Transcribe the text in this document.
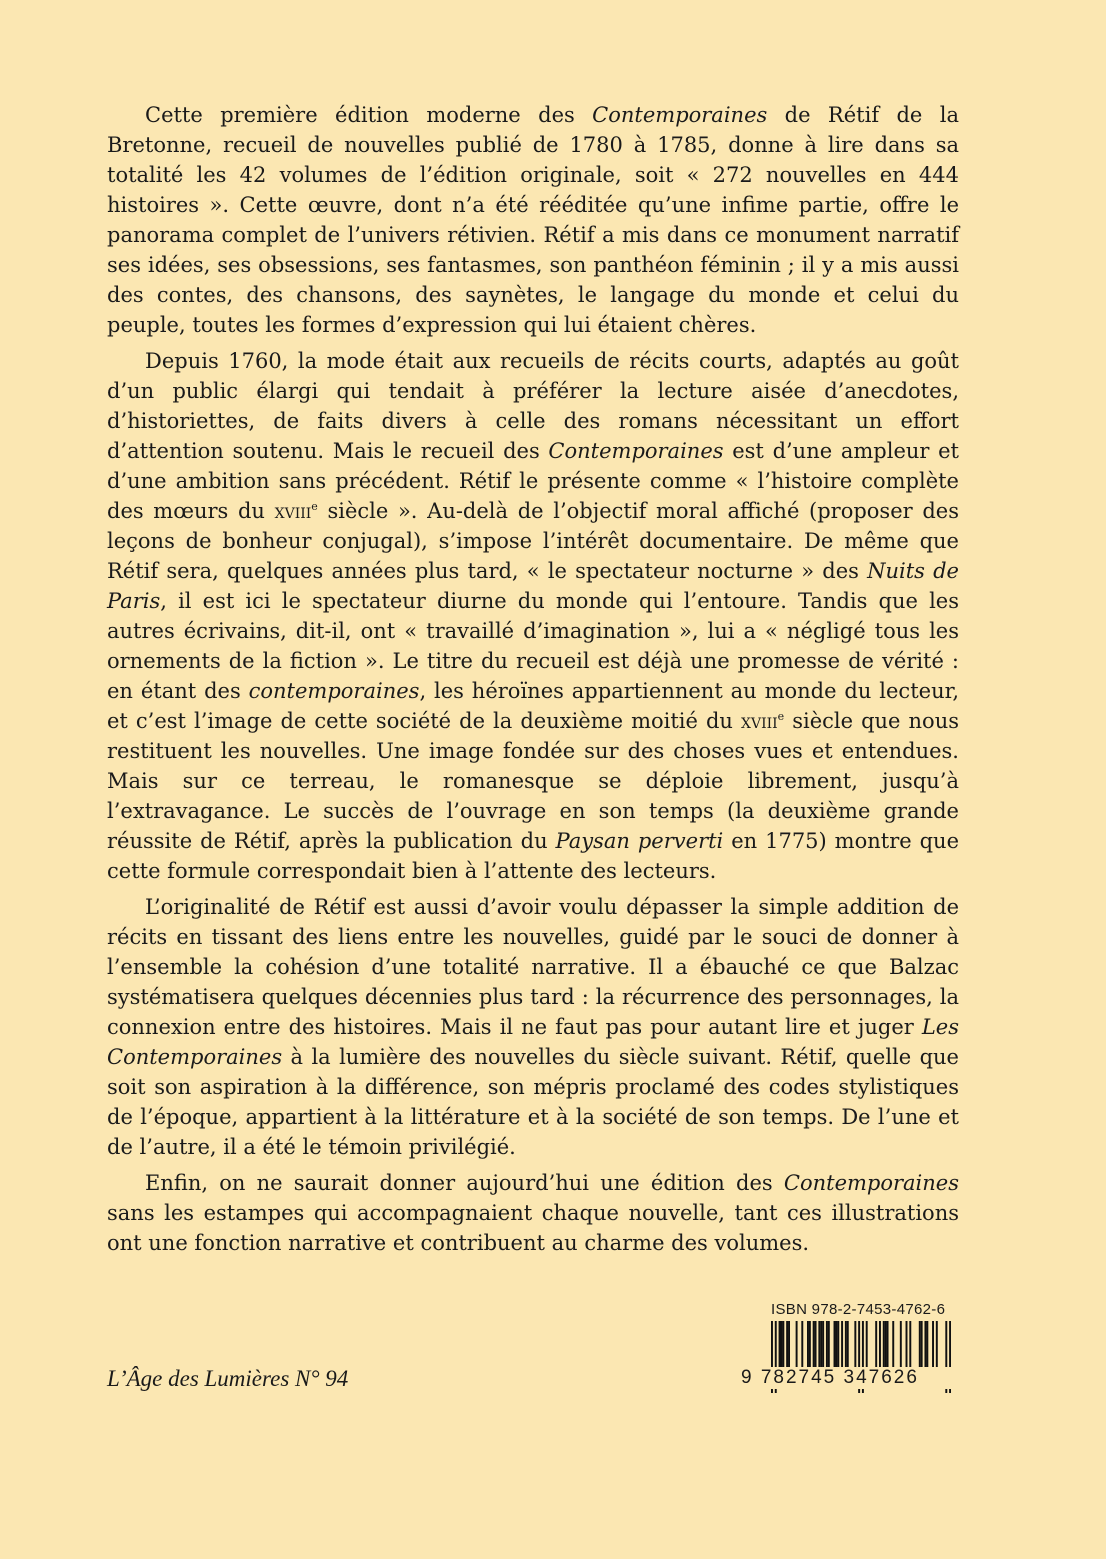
Cette première édition moderne des Contemporaines de Rétif de la Bretonne, recueil de nouvelles publié de 1780 à 1785, donne à lire dans sa totalité les 42 volumes de l’édition originale, soit « 272 nouvelles en 444 histoires ». Cette œuvre, dont n’a été rééditée qu’une infime partie, offre le panorama complet de l’univers rétivien. Rétif a mis dans ce monument narratif ses idées, ses obsessions, ses fantasmes, son panthéon féminin ; il y a mis aussi des contes, des chansons, des saynètes, le langage du monde et celui du peuple, toutes les formes d’expression qui lui étaient chères.

Depuis 1760, la mode était aux recueils de récits courts, adaptés au goût d’un public élargi qui tendait à préférer la lecture aisée d’anecdotes, d’historiettes, de faits divers à celle des romans nécessitant un effort d’attention soutenu. Mais le recueil des Contemporaines est d’une ampleur et d’une ambition sans précédent. Rétif le présente comme « l’histoire complète des mœurs du xviii$^e$ siècle ». Au-delà de l’objectif moral affiché (proposer des leçons de bonheur conjugal), s’impose l’intérêt documentaire. De même que Rétif sera, quelques années plus tard, « le spectateur nocturne » des Nuits de Paris, il est ici le spectateur diurne du monde qui l’entoure. Tandis que les autres écrivains, dit-il, ont « travaillé d’imagination », lui a « négligé tous les ornements de la fiction ». Le titre du recueil est déjà une promesse de vérité : en étant des contemporaines, les héroïnes appartiennent au monde du lecteur, et c’est l’image de cette société de la deuxième moitié du xviii$^e$ siècle que nous restituent les nouvelles. Une image fondée sur des choses vues et entendues. Mais sur ce terreau, le romanesque se déploie librement, jusqu’à l’extravagance. Le succès de l’ouvrage en son temps (la deuxième grande réussite de Rétif, après la publication du Paysan perverti en 1775) montre que cette formule correspondait bien à l’attente des lecteurs.

L’originalité de Rétif est aussi d’avoir voulu dépasser la simple addition de récits en tissant des liens entre les nouvelles, guidé par le souci de donner à l’ensemble la cohésion d’une totalité narrative. Il a ébauché ce que Balzac systématisera quelques décennies plus tard : la récurrence des personnages, la connexion entre des histoires. Mais il ne faut pas pour autant lire et juger Les Contemporaines à la lumière des nouvelles du siècle suivant. Rétif, quelle que soit son aspiration à la différence, son mépris proclamé des codes stylistiques de l’époque, appartient à la littérature et à la société de son temps. De l’une et de l’autre, il a été le témoin privilégié.

Enfin, on ne saurait donner aujourd’hui une édition des Contemporaines sans les estampes qui accompagnaient chaque nouvelle, tant ces illustrations ont une fonction narrative et contribuent au charme des volumes.

L’Âge des Lumières N° 94
ISBN 978-2-7453-4762-6
9 782745 347626
